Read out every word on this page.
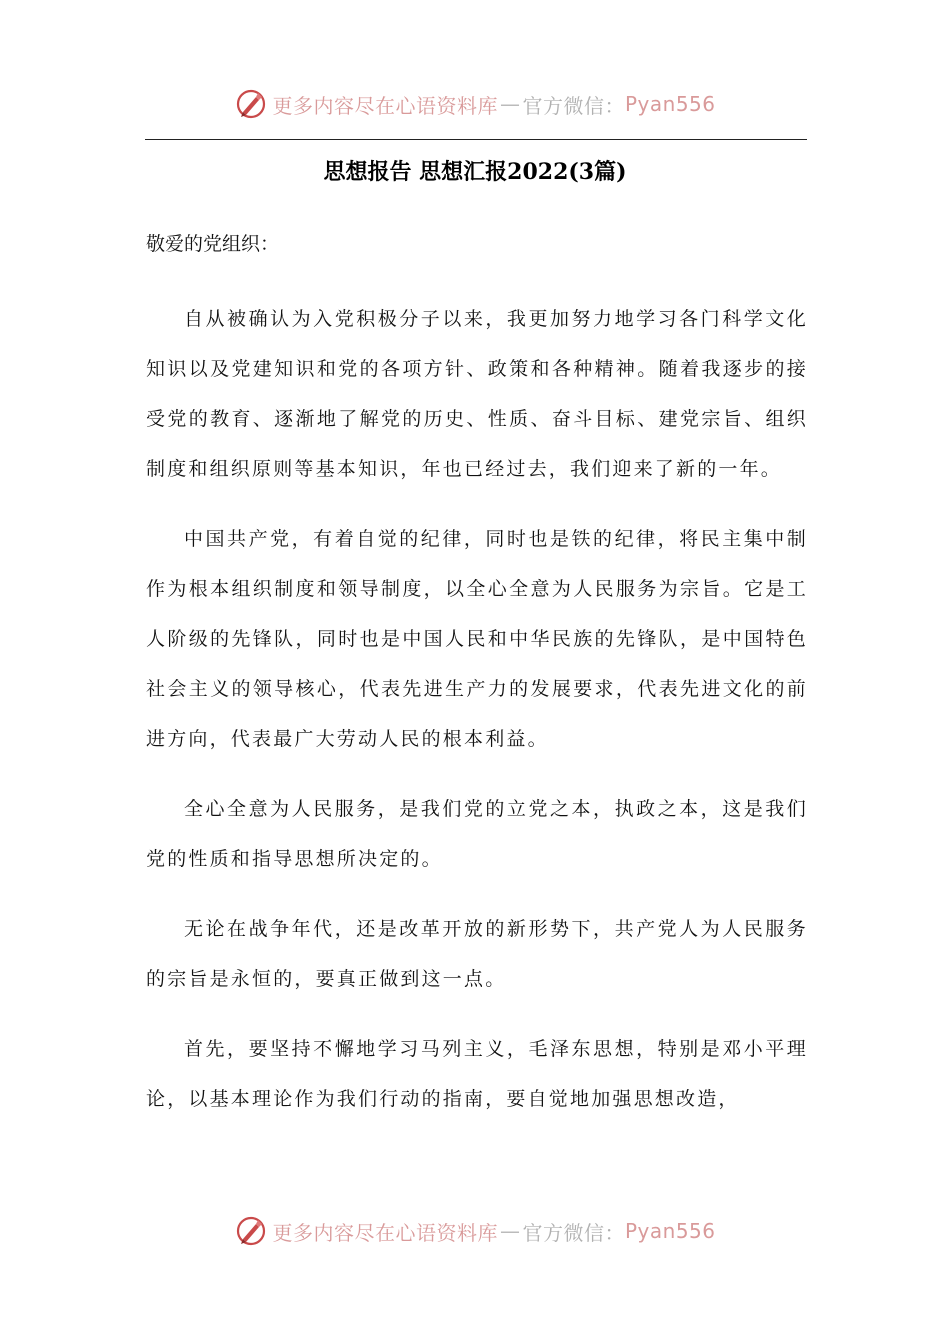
更多内容尽在心语资料库 — 官方微信： Pyan556
思想报告 思想汇报2022(3篇)

敬爱的党组织：

自从被确认为入党积极分子以来，我更加努力地学习各门科学文化知识以及党建知识和党的各项方针、政策和各种精神。随着我逐步的接受党的教育、逐渐地了解党的历史、性质、奋斗目标、建党宗旨、组织制度和组织原则等基本知识，年也已经过去，我们迎来了新的一年。

中国共产党，有着自觉的纪律，同时也是铁的纪律，将民主集中制作为根本组织制度和领导制度，以全心全意为人民服务为宗旨。它是工人阶级的先锋队，同时也是中国人民和中华民族的先锋队，是中国特色社会主义的领导核心，代表先进生产力的发展要求，代表先进文化的前进方向，代表最广大劳动人民的根本利益。

全心全意为人民服务，是我们党的立党之本，执政之本，这是我们党的性质和指导思想所决定的。

无论在战争年代，还是改革开放的新形势下，共产党人为人民服务的宗旨是永恒的，要真正做到这一点。

首先，要坚持不懈地学习马列主义，毛泽东思想，特别是邓小平理论，以基本理论作为我们行动的指南，要自觉地加强思想改造，

更多内容尽在心语资料库 — 官方微信： Pyan556
